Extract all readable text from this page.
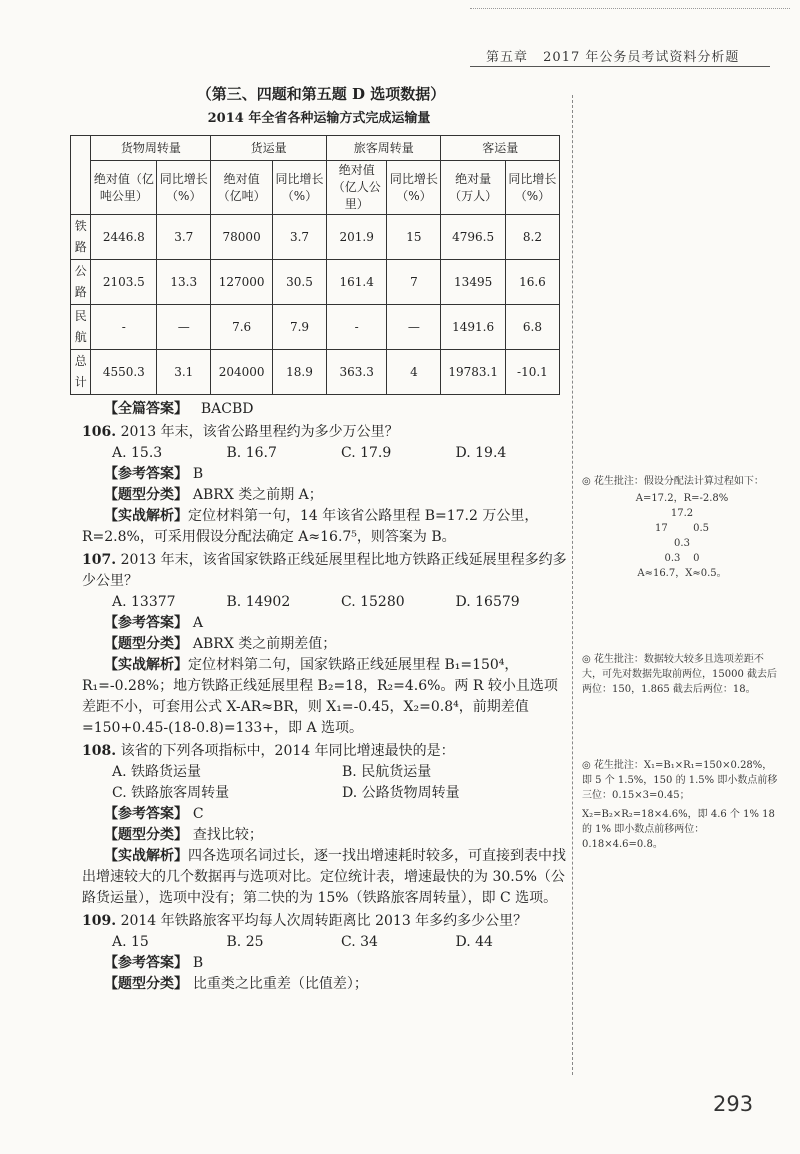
第五章 2017 年公务员考试资料分析题
（第三、四题和第五题 D 选项数据）
2014 年全省各种运输方式完成运输量
	货物周转量		货运量		旅客周转量		客运量	
	绝对值（亿吨公里）	同比增长（%）	绝对值（亿吨）	同比增长（%）	绝对值（亿人公里）	同比增长（%）	绝对量（万人）	同比增长（%）
铁路	2446.8	3.7	78000	3.7	201.9	15	4796.5	8.2
公路	2103.5	13.3	127000	30.5	161.4	7	13495	16.6
民航	-	—	7.6	7.9	-	—	1491.6	6.8
总计	4550.3	3.1	204000	18.9	363.3	4	19783.1	-10.1
【全篇答案】 BACBD
106. 2013 年末，该省公路里程约为多少万公里？
A. 15.3	B. 16.7	C. 17.9	D. 19.4
【参考答案】 B
【题型分类】 ABRX 类之前期 A；
【实战解析】定位材料第一句，14 年该省公路里程 B=17.2 万公里，R=2.8%，可采用假设分配法确定 A≈16.7⁵，则答案为 B。
107. 2013 年末，该省国家铁路正线延展里程比地方铁路正线延展里程多约多少公里？
A. 13377	B. 14902	C. 15280	D. 16579
【参考答案】 A
【题型分类】 ABRX 类之前期差值；
【实战解析】定位材料第二句，国家铁路正线延展里程 B₁=150⁴，R₁=-0.28%；地方铁路正线延展里程 B₂=18，R₂=4.6%。两 R 较小且选项差距不小，可套用公式 X-AR≈BR，则 X₁=-0.45，X₂=0.8⁴，前期差值=150+0.45-(18-0.8)=133+，即 A 选项。
108. 该省的下列各项指标中，2014 年同比增速最快的是：
A. 铁路货运量	B. 民航货运量
C. 铁路旅客周转量	D. 公路货物周转量
【参考答案】 C
【题型分类】 查找比较；
【实战解析】四各选项名词过长，逐一找出增速耗时较多，可直接到表中找出增速较大的几个数据再与选项对比。定位统计表，增速最快的为 30.5%（公路货运量），选项中没有；第二快的为 15%（铁路旅客周转量），即 C 选项。
109. 2014 年铁路旅客平均每人次周转距离比 2013 年多约多少公里？
A. 15	B. 25	C. 34	D. 44
【参考答案】 B
【题型分类】 比重类之比重差（比值差）；
◎ 花生批注：假设分配法计算过程如下：
A=17.2，R=-2.8%
17.2
17        0.5
0.3
0.3    0
A≈16.7，X≈0.5。
◎ 花生批注：数据较大较多且选项差距不大，可先对数据先取前两位，15000 截去后两位：150，1.865 截去后两位：18。
◎ 花生批注：X₁=B₁×R₁=150×0.28%，即 5 个 1.5%，150 的 1.5% 即小数点前移三位：0.15×3=0.45；
X₂=B₂×R₂=18×4.6%，即 4.6 个 1% 18 的 1% 即小数点前移两位：0.18×4.6=0.8。
293
